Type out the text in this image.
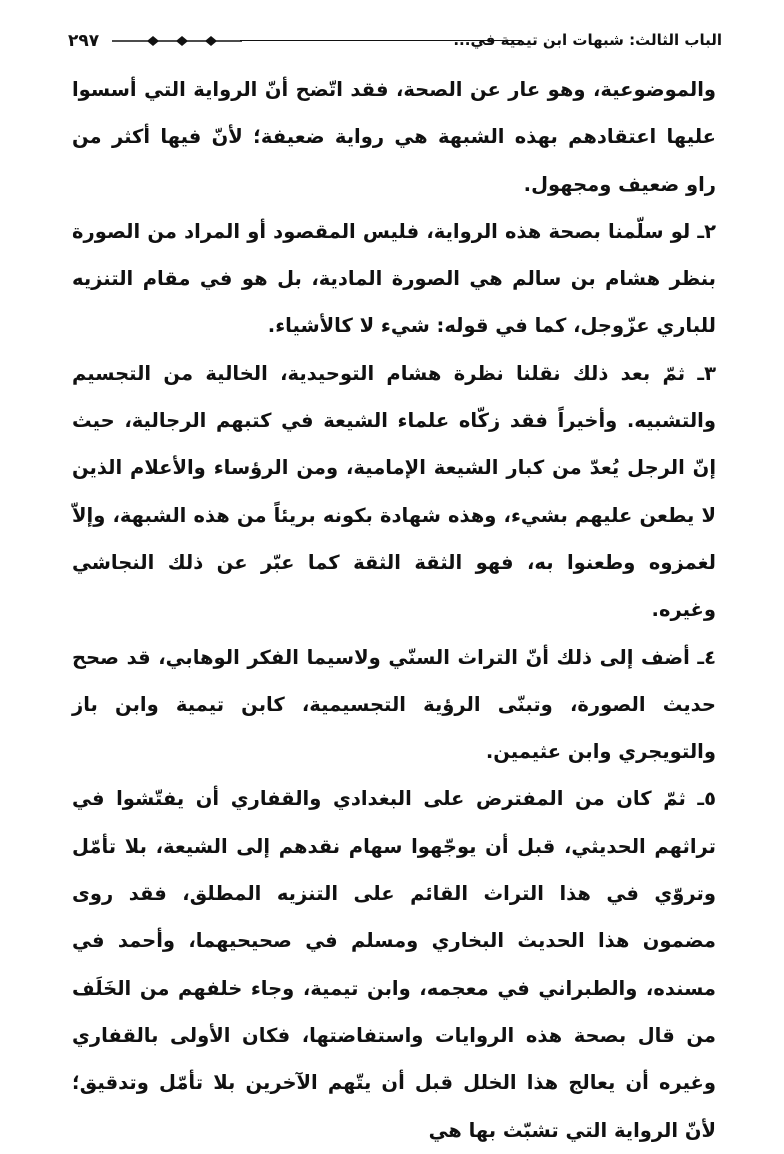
٢٩٧	الباب الثالث: شبهات ابن تيمية في...

والموضوعية، وهو عار عن الصحة، فقد اتّضح أنّ الرواية التي أسسوا عليها اعتقادهم بهذه الشبهة هي رواية ضعيفة؛ لأنّ فيها أكثر من راو ضعيف ومجهول.

٢ـ لو سلّمنا بصحة هذه الرواية، فليس المقصود أو المراد من الصورة بنظر هشام بن سالم هي الصورة المادية، بل هو في مقام التنزيه للباري عزّوجل، كما في قوله: شيء لا كالأشياء.

٣ـ ثمّ بعد ذلك نقلنا نظرة هشام التوحيدية، الخالية من التجسيم والتشبيه. وأخيراً فقد زكّاه علماء الشيعة في كتبهم الرجالية، حيث إنّ الرجل يُعدّ من كبار الشيعة الإمامية، ومن الرؤساء والأعلام الذين لا يطعن عليهم بشيء، وهذه شهادة بكونه بريئاً من هذه الشبهة، وإلاّ لغمزوه وطعنوا به، فهو الثقة الثقة كما عبّر عن ذلك النجاشي وغيره.

٤ـ أضف إلى ذلك أنّ التراث السنّي ولاسيما الفكر الوهابي، قد صحح حديث الصورة، وتبنّى الرؤية التجسيمية، كابن تيمية وابن باز والتويجري وابن عثيمين.

٥ـ ثمّ كان من المفترض على البغدادي والقفاري أن يفتّشوا في تراثهم الحديثي، قبل أن يوجّهوا سهام نقدهم إلى الشيعة، بلا تأمّل وتروّي في هذا التراث القائم على التنزيه المطلق، فقد روى مضمون هذا الحديث البخاري ومسلم في صحيحيهما، وأحمد في مسنده، والطبراني في معجمه، وابن تيمية، وجاء خلفهم من الخَلَف من قال بصحة هذه الروايات واستفاضتها، فكان الأولى بالقفاري وغيره أن يعالج هذا الخلل قبل أن يتّهم الآخرين بلا تأمّل وتدقيق؛ لأنّ الرواية التي تشبّث بها هي
